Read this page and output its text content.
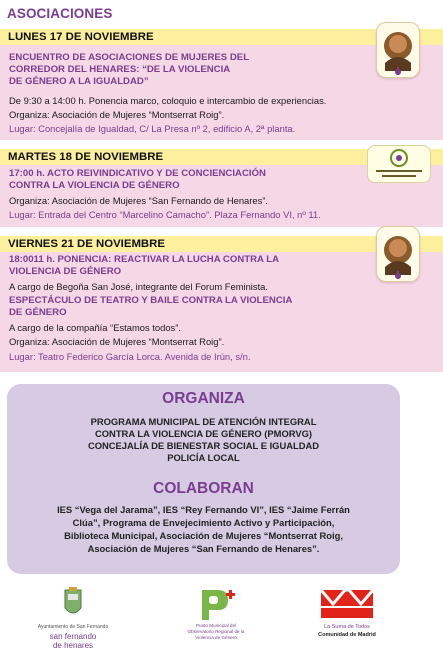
ASOCIACIONES
LUNES 17 DE NOVIEMBRE
ENCUENTRO DE ASOCIACIONES DE MUJERES DEL
CORREDOR DEL HENARES: “DE LA VIOLENCIA
DE GÉNERO A LA IGUALDAD”
De 9:30 a 14:00 h. Ponencia marco, coloquio e intercambio de experiencias.
Organiza: Asociación de Mujeres “Montserrat Roig”.
Lugar: Concejalía de Igualdad, C/ La Presa nº 2, edificio A, 2ª planta.
MARTES 18 DE NOVIEMBRE
17:00 h. ACTO REIVINDICATIVO Y DE CONCIENCIACIÓN
CONTRA LA VIOLENCIA DE GÉNERO
Organiza: Asociación de Mujeres “San Fernando de Henares”.
Lugar: Entrada del Centro “Marcelino Camacho”. Plaza Fernando VI, nº 11.
VIERNES 21 DE NOVIEMBRE
18:0011 h. PONENCIA: REACTIVAR LA LUCHA CONTRA LA
VIOLENCIA DE GÉNERO
A cargo de Begoña San José, integrante del Forum Feminista.
ESPECTÁCULO DE TEATRO Y BAILE CONTRA LA VIOLENCIA
DE GÉNERO
A cargo de la compañía “Estamos todos”.
Organiza: Asociación de Mujeres “Montserrat Roig”.
Lugar: Teatro Federico García Lorca. Avenida de Irún, s/n.
ORGANIZA
PROGRAMA MUNICIPAL DE ATENCIÓN INTEGRAL
CONTRA LA VIOLENCIA DE GÉNERO (PMORVG)
CONCEJALÍA DE BIENESTAR SOCIAL E IGUALDAD
POLICÍA LOCAL
COLABORAN
IES “Vega del Jarama”, IES “Rey Fernando VI”, IES “Jaime Ferrán
Clúa”, Programa de Envejecimiento Activo y Participación,
Biblioteca Municipal, Asociación de Mujeres “Montserrat Roig,
Asociación de Mujeres “San Fernando de Henares”.
Ayuntamiento de San Fernando
san fernando
de henares
Punto Municipal del
Observatorio Regional de la
Violencia de Género
La Suma de Todos
Comunidad de Madrid
